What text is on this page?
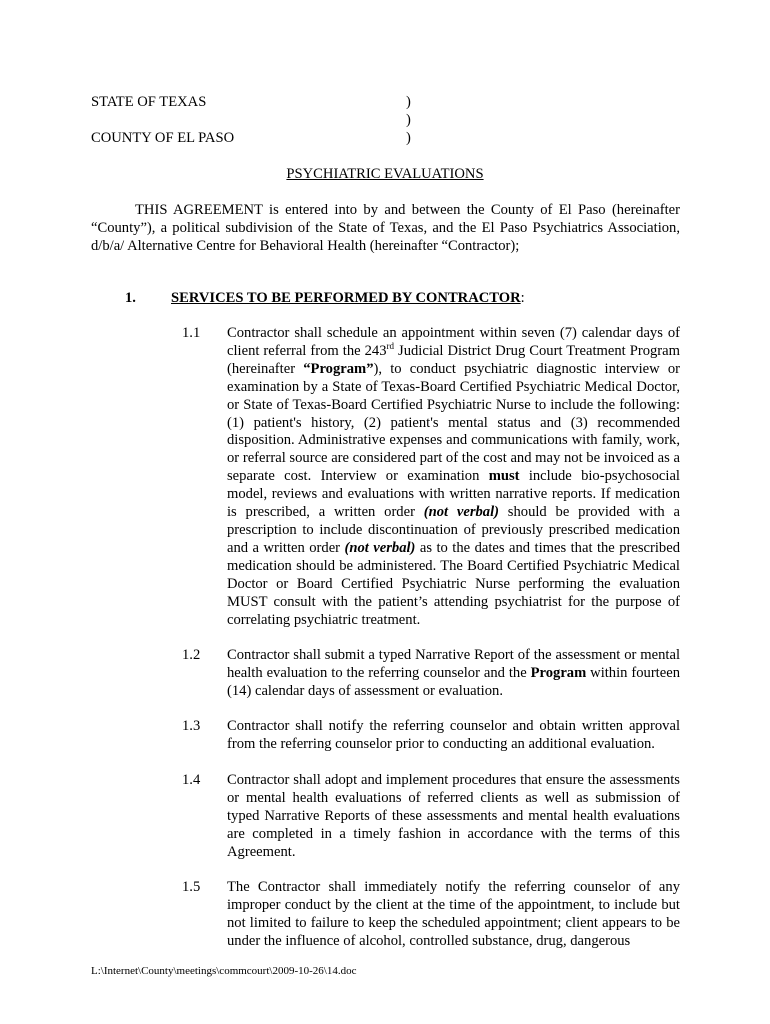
STATE OF TEXAS	)
)
COUNTY OF EL PASO	)
PSYCHIATRIC EVALUATIONS
THIS AGREEMENT is entered into by and between the County of El Paso (hereinafter “County”), a political subdivision of the State of Texas, and the El Paso Psychiatrics Association, d/b/a/ Alternative Centre for Behavioral Health (hereinafter “Contractor);
1. SERVICES TO BE PERFORMED BY CONTRACTOR:
1.1 Contractor shall schedule an appointment within seven (7) calendar days of client referral from the 243rd Judicial District Drug Court Treatment Program (hereinafter “Program”), to conduct psychiatric diagnostic interview or examination by a State of Texas-Board Certified Psychiatric Medical Doctor, or State of Texas-Board Certified Psychiatric Nurse to include the following: (1) patient's history, (2) patient's mental status and (3) recommended disposition. Administrative expenses and communications with family, work, or referral source are considered part of the cost and may not be invoiced as a separate cost. Interview or examination must include bio-psychosocial model, reviews and evaluations with written narrative reports. If medication is prescribed, a written order (not verbal) should be provided with a prescription to include discontinuation of previously prescribed medication and a written order (not verbal) as to the dates and times that the prescribed medication should be administered. The Board Certified Psychiatric Medical Doctor or Board Certified Psychiatric Nurse performing the evaluation MUST consult with the patient’s attending psychiatrist for the purpose of correlating psychiatric treatment.

1.2 Contractor shall submit a typed Narrative Report of the assessment or mental health evaluation to the referring counselor and the Program within fourteen (14) calendar days of assessment or evaluation.

1.3 Contractor shall notify the referring counselor and obtain written approval from the referring counselor prior to conducting an additional evaluation.

1.4 Contractor shall adopt and implement procedures that ensure the assessments or mental health evaluations of referred clients as well as submission of typed Narrative Reports of these assessments and mental health evaluations are completed in a timely fashion in accordance with the terms of this Agreement.

1.5 The Contractor shall immediately notify the referring counselor of any improper conduct by the client at the time of the appointment, to include but not limited to failure to keep the scheduled appointment; client appears to be under the influence of alcohol, controlled substance, drug, dangerous

L:\Internet\County\meetings\commcourt\2009-10-26\14.doc
